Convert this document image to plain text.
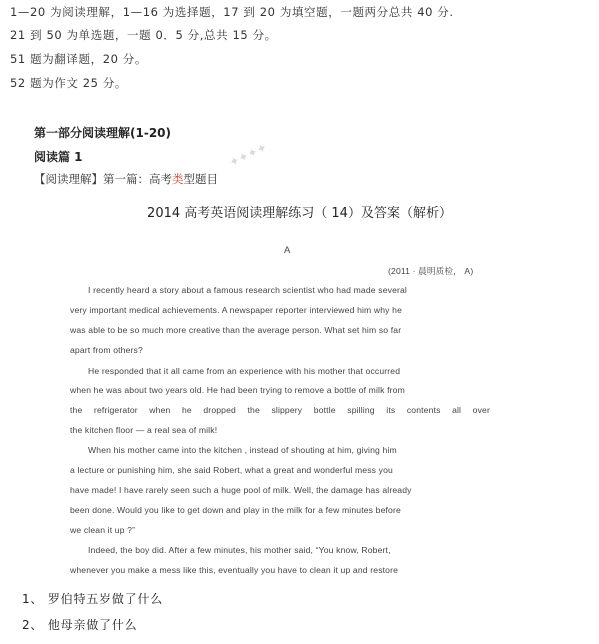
1—20 为阅读理解，1—16 为选择题，17 到 20 为填空题，一题两分总共 40 分.
21 到 50 为单选题，一题 0．5 分,总共 15 分。
51 题为翻译题，20 分。
52 题为作文 25 分。
✦✦✦✦
第一部分阅读理解(1-20)
阅读篇 1
【阅读理解】第一篇：高考类型题目
2014 高考英语阅读理解练习（ 14）及答案（解析）
A
(2011 · 晨明质检， A)
I recently heard a story about a famous research scientist who had made several
very important medical achievements. A newspaper reporter interviewed him why he
was able to be so much more creative than the average person. What set him so far
apart from others?
He responded that it all came from an experience with his mother that occurred
when he was about two years old. He had been trying to remove a bottle of milk from
the refrigerator when he dropped the slippery bottle spilling its contents all over
the kitchen floor — a real sea of milk!
When his mother came into the kitchen , instead of shouting at him, giving him
a lecture or punishing him, she said Robert, what a great and wonderful mess you
have made! I have rarely seen such a huge pool of milk. Well, the damage has already
been done. Would you like to get down and play in the milk for a few minutes before
we clean it up ?”
Indeed, the boy did. After a few minutes, his mother said, “You know, Robert,
whenever you make a mess like this, eventually you have to clean it up and restore
1、 罗伯特五岁做了什么
2、 他母亲做了什么
